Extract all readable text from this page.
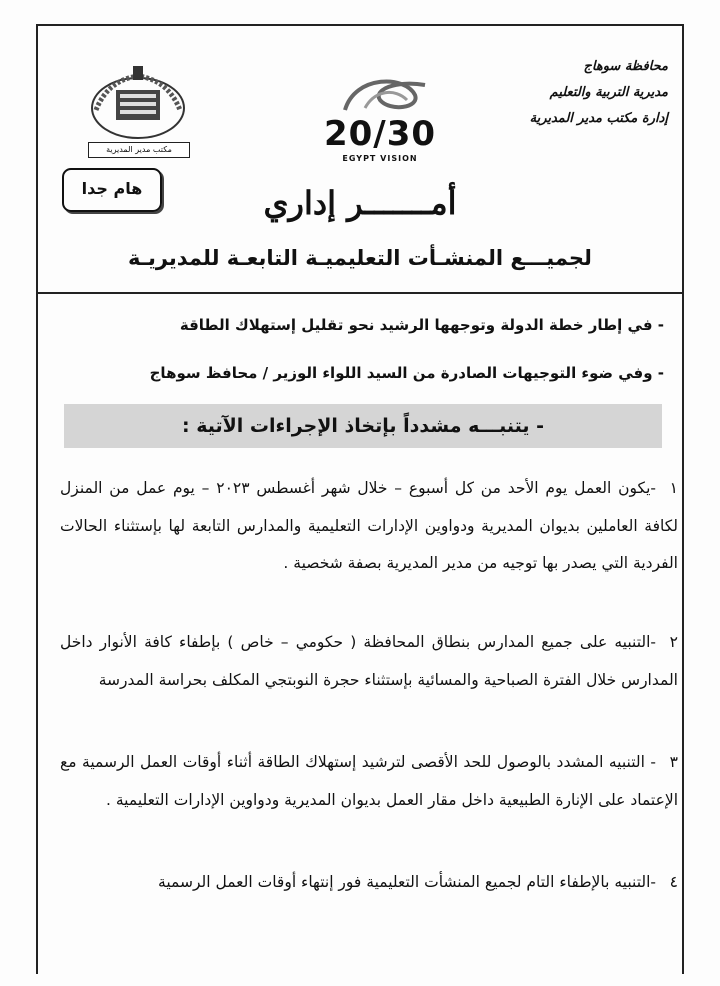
محافظة سوهاج
مديرية التربية والتعليم
إدارة مكتب مدير المديرية
20/30
EGYPT VISION
مكتب مدير المديرية
هام جدا	أمـــــــر إداري
لجميـــع المنشـأت التعليميـة التابعـة للمديريـة
- في إطار خطة الدولة وتوجهها الرشيد نحو تقليل إستهلاك الطاقة
- وفي ضوء التوجيهات الصادرة من السيد اللواء الوزير / محافظ سوهاج
- يتنبـــه مشدداً بإتخاذ الإجراءات الآتية :
١-يكون العمل يوم الأحد من كل أسبوع – خلال شهر أغسطس ٢٠٢٣ – يوم عمل من المنزل لكافة العاملين بديوان المديرية ودواوين الإدارات التعليمية والمدارس التابعة لها بإستثناء الحالات الفردية التي يصدر بها توجيه من مدير المديرية بصفة شخصية .
٢-التنبيه على جميع المدارس بنطاق المحافظة ( حكومي – خاص ) بإطفاء كافة الأنوار داخل المدارس خلال الفترة الصباحية والمسائية بإستثناء حجرة النوبتجي المكلف بحراسة المدرسة
٣- التنبيه المشدد بالوصول للحد الأقصى لترشيد إستهلاك الطاقة أثناء أوقات العمل الرسمية مع الإعتماد على الإنارة الطبيعية داخل مقار العمل بديوان المديرية ودواوين الإدارات التعليمية .
٤-التنبيه بالإطفاء التام لجميع المنشأت التعليمية فور إنتهاء أوقات العمل الرسمية
